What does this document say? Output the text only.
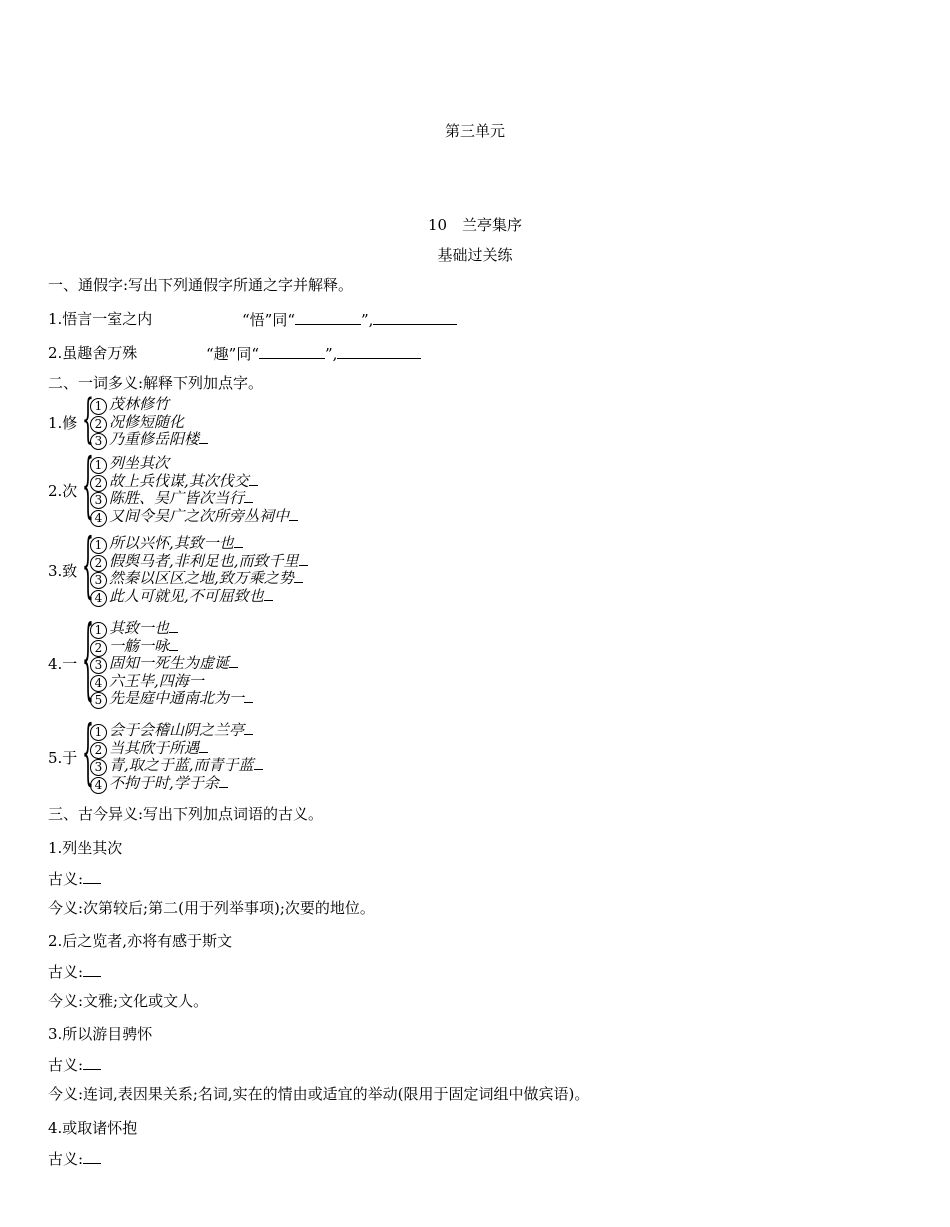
第三单元
10　兰亭集序
基础过关练
一、通假字:写出下列通假字所通之字并解释。
1.悟言一室之内	“悟”同“	”,
2.虽趣舍万殊	“趣”同“	”,
二、一词多义:解释下列加点字。
1.修 { 1 茂林修竹
2 况修短随化
3 乃重修岳阳楼
2.次 { 1 列坐其次
2 故上兵伐谋,其次伐交
3 陈胜、吴广皆次当行
4 又间令吴广之次所旁丛祠中
3.致 { 1 所以兴怀,其致一也
2 假舆马者,非利足也,而致千里
3 然秦以区区之地,致万乘之势
4 此人可就见,不可屈致也
4.一 { 1 其致一也
2 一觞一咏
3 固知一死生为虚诞
4 六王毕,四海一
5 先是庭中通南北为一
5.于 { 1 会于会稽山阴之兰亭
2 当其欣于所遇
3 青,取之于蓝,而青于蓝
4 不拘于时,学于余
三、古今异义:写出下列加点词语的古义。
1.列坐其次
古义:
今义:次第较后;第二(用于列举事项);次要的地位。
2.后之览者,亦将有感于斯文
古义:
今义:文雅;文化或文人。
3.所以游目骋怀
古义:
今义:连词,表因果关系;名词,实在的情由或适宜的举动(限用于固定词组中做宾语)。
4.或取诸怀抱
古义:
